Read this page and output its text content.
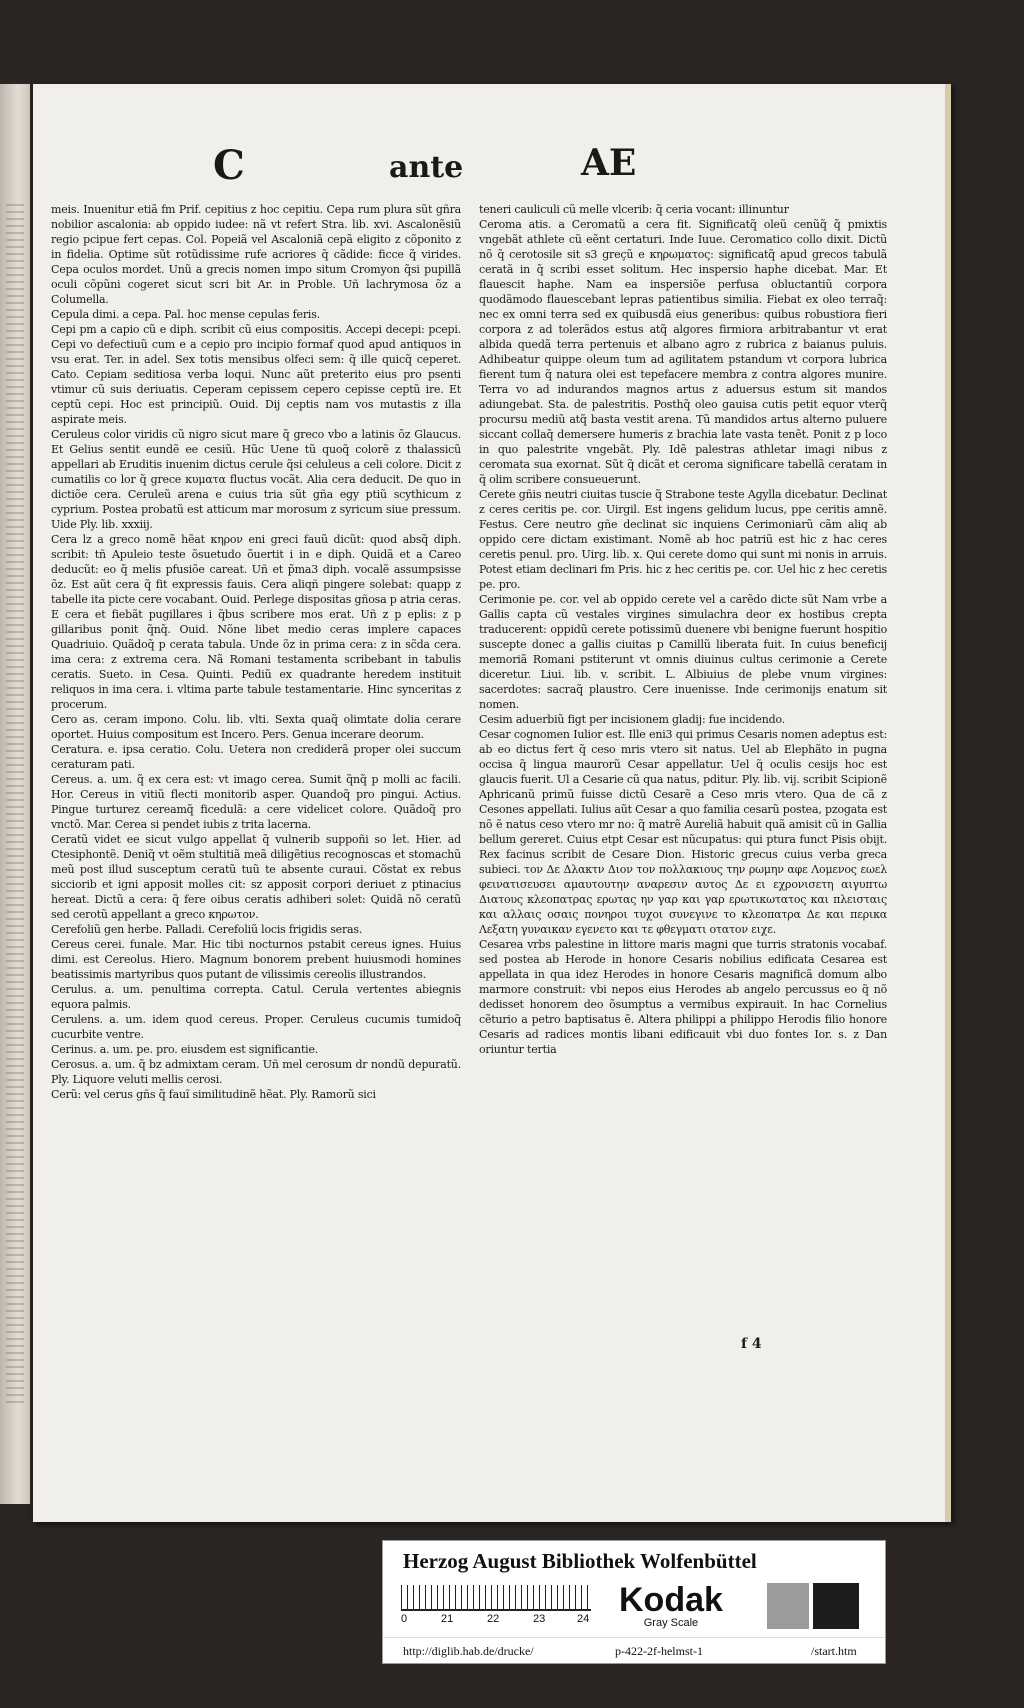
C	ante	AE

meis. Inuenitur etiã fm Prif. cepitius z hoc cepitiu. Cepa rum plura sũt gñra nobilior ascalonia: ab oppido iudee: nã vt refert Stra. lib. xvi. Ascalonẽsiũ regio pcipue fert cepas. Col. Popeiã vel Ascaloniã cepã eligito z cõponito z in fidelia. Optime sũt rotũdissime rufe acriores q̃ cãdide: ficce q̃ virides. Cepa oculos mordet. Unũ a grecis nomen impo situm Cromyon q̃si pupillã oculi cõpũni cogeret sicut scri bit Ar. in Proble. Uñ lachrymosa õz a Columella.

Cepula dimi. a cepa. Pal. hoc mense cepulas feris.

Cepi pm a capio cũ e diph. scribit cũ eius compositis. Accepi decepi: pcepi. Cepi vo defectiuũ cum e a cepio pro incipio formaf quod apud antiquos in vsu erat. Ter. in adel. Sex totis mensibus olfeci sem: q̃ ille quicq̃ ceperet. Cato. Cepiam seditiosa verba loqui. Nunc aũt preterito eius pro psenti vtimur cũ suis deriuatis. Ceperam cepissem cepero cepisse ceptũ ire. Et ceptũ cepi. Hoc est principiũ. Ouid. Dij ceptis nam vos mutastis z illa aspirate meis.

Ceruleus color viridis cũ nigro sicut mare q̃ greco vbo a latinis õz Glaucus. Et Gelius sentit eundẽ ee cesiũ. Hũc Uene tũ quoq̃ colorẽ z thalassicũ appellari ab Eruditis inuenim dictus cerule q̃si celuleus a celi colore. Dicit z cumatilis co lor q̃ grece κυματα fluctus vocãt. Alia cera deducit. De quo in dictiõe cera. Ceruleũ arena e cuius tria sũt gña egy ptiũ scythicum z cyprium. Postea probatũ est atticum mar morosum z syricum siue pressum. Uide Ply. lib. xxxiij.

Cera lz a greco nomẽ hẽat κηρον eni greci fauũ dicũt: quod absq̃ diph. scribit: tñ Apuleio teste õsuetudo õuertit i in e diph. Quidã et a Careo deducũt: eo q̃ melis pfusiõe careat. Uñ et p̃ma3 diph. vocalẽ assumpsisse õz. Est aũt cera q̃ fit expressis fauis. Cera aliqñ pingere solebat: quapp z tabelle ita picte cere vocabant. Ouid. Perlege dispositas gñosa p atria ceras. E cera et fiebãt pugillares i q̃bus scribere mos erat. Uñ z p eplis: z p gillaribus ponit q̃nq̃. Ouid. Nõne libet medio ceras implere capaces Quadriuio. Quãdoq̃ p cerata tabula. Unde õz in prima cera: z in sc̃da cera. ima cera: z extrema cera. Nã Romani testamenta scribebant in tabulis ceratis. Sueto. in Cesa. Quinti. Pediũ ex quadrante heredem instituit reliquos in ima cera. i. vltima parte tabule testamentarie. Hinc synceritas z procerum.

Cero as. ceram impono. Colu. lib. vlti. Sexta quaq̃ olimtate dolia cerare oportet. Huius compositum est Incero. Pers. Genua incerare deorum.

Ceratura. e. ipsa ceratio. Colu. Uetera non crediderã proper olei succum ceraturam pati.

Cereus. a. um. q̃ ex cera est: vt imago cerea. Sumit q̃nq̃ p molli ac facili. Hor. Cereus in vitiũ flecti monitorib asper. Quandoq̃ pro pingui. Actius. Pingue turturez cereamq̃ ficedulã: a cere videlicet colore. Quãdoq̃ pro vnctõ. Mar. Cerea si pendet iubis z trita lacerna.

Ceratũ videt ee sicut vulgo appellat q̃ vulnerib suppoñi so let. Hier. ad Ctesiphontẽ. Deniq̃ vt oẽm stultitiã meã diligẽtius recognoscas et stomachũ meũ post illud susceptum ceratũ tuũ te absente curaui. Cõstat ex rebus sicciorib et igni apposit molles cit: sz apposit corpori deriuet z ptinacius hereat. Dictũ a cera: q̃ fere oibus ceratis adhiberi solet: Quidã nõ ceratũ sed cerotũ appellant a greco κηρωτον.

Cerefoliũ gen herbe. Palladi. Cerefoliũ locis frigidis seras.

Cereus cerei. funale. Mar. Hic tibi nocturnos pstabit cereus ignes. Huius dimi. est Cereolus. Hiero. Magnum bonorem prebent huiusmodi homines beatissimis martyribus quos putant de vilissimis cereolis illustrandos.

Cerulus. a. um. penultima correpta. Catul. Cerula vertentes abiegnis equora palmis.

Cerulens. a. um. idem quod cereus. Proper. Ceruleus cucumis tumidoq̃ cucurbite ventre.

Cerinus. a. um. pe. pro. eiusdem est significantie.

Cerosus. a. um. q̃ bz admixtam ceram. Uñ mel cerosum dr nondũ depuratũ. Ply. Liquore veluti mellis cerosi.

Cerũ: vel cerus gñs q̃ fauĩ similitudinẽ hẽat. Ply. Ramorũ sici

teneri cauliculi cũ melle vlcerib: q̃ ceria vocant: illinuntur

Ceroma atis. a Ceromatũ a cera fit. Significatq̃ oleũ cenũq̃ q̃ pmixtis vngebãt athlete cũ eẽnt certaturi. Inde Iuue. Ceromatico collo dixit. Dictũ nõ q̃ cerotosile sit s3 greçũ e κηρωματος: significatq̃ apud grecos tabulã ceratã in q̃ scribi esset solitum. Hec inspersio haphe dicebat. Mar. Et flauescit haphe. Nam ea inspersiõe perfusa obluctantiũ corpora quodãmodo flauescebant lepras patientibus similia. Fiebat ex oleo terraq̃: nec ex omni terra sed ex quibusdã eius generibus: quibus robustiora fieri corpora z ad tolerãdos estus atq̃ algores firmiora arbitrabantur vt erat albida quedã terra pertenuis et albano agro z rubrica z baianus puluis. Adhibeatur quippe oleum tum ad agilitatem pstandum vt corpora lubrica fierent tum q̃ natura olei est tepefacere membra z contra algores munire. Terra vo ad indurandos magnos artus z aduersus estum sit mandos adiungebat. Sta. de palestritis. Posthq̃ oleo gauisa cutis petit equor vterq̃ procursu mediũ atq̃ basta vestit arena. Tũ mandidos artus alterno puluere siccant collaq̃ demersere humeris z brachia late vasta tenẽt. Ponit z p loco in quo palestrite vngebãt. Ply. Idẽ palestras athletar imagi nibus z ceromata sua exornat. Sũt q̃ dicãt et ceroma significare tabellã ceratam in q̃ olim scribere consueuerunt.

Cerete gñis neutri ciuitas tuscie q̃ Strabone teste Agylla dicebatur. Declinat z ceres ceritis pe. cor. Uirgil. Est ingens gelidum lucus, ppe ceritis amnẽ. Festus. Cere neutro gñe declinat sic inquiens Cerimoniarũ cãm aliq ab oppido cere dictam existimant. Nomẽ ab hoc patriũ est hic z hac ceres ceretis penul. pro. Uirg. lib. x. Qui cerete domo qui sunt mi nonis in arruis. Potest etiam declinari fm Pris. hic z hec ceritis pe. cor. Uel hic z hec ceretis pe. pro.

Cerimonie pe. cor. vel ab oppido cerete vel a carẽdo dicte sũt Nam vrbe a Gallis capta cũ vestales virgines simulachra deor ex hostibus crepta traducerent: oppidũ cerete potissimũ duenere vbi benigne fuerunt hospitio suscepte donec a gallis ciuitas p Camillũ liberata fuit. In cuius beneficij memoriã Romani pstiterunt vt omnis diuinus cultus cerimonie a Cerete diceretur. Liui. lib. v. scribit. L. Albiuius de plebe vnum virgines: sacerdotes: sacraq̃ plaustro. Cere inuenisse. Inde cerimonijs enatum sit nomen.

Cesim aduerbiũ figt per incisionem gladij: fue incidendo.

Cesar cognomen Iulior est. Ille eni3 qui primus Cesaris nomen adeptus est: ab eo dictus fert q̃ ceso mris vtero sit natus. Uel ab Elephãto in pugna occisa q̃ lingua maurorũ Cesar appellatur. Uel q̃ oculis cesijs hoc est glaucis fuerit. Ul a Cesarie cũ qua natus, pditur. Ply. lib. vij. scribit Scipionẽ Aphricanũ primũ fuisse dictũ Cesarẽ a Ceso mris vtero. Qua de cã z Cesones appellati. Iulius aũt Cesar a quo familia cesarũ postea, pzogata est nõ ẽ natus ceso vtero mr no: q̃ matrẽ Aureliã habuit quã amisit cũ in Gallia bellum gereret. Cuius etpt Cesar est nũcupatus: qui ptura funct Pisis obijt. Rex facinus scribit de Cesare Dion. Historic grecus cuius verba greca subieci. τον Δε Δλακτν Διον τον πολλακιους την ρωμην αφε Λομενος εωελ φεινατισευσει αμαυτουτην αναρεσιν αυτος Δε ει εχρονισετη αιγυπτω Διατους κλεοπατρας ερωτας ην γαρ και γαρ ερωτικωτατος και πλεισταις και αλλαις οσαις πονηροι τυχοι συνεγινε το κλεοπατρα Δε και περικα Λεξατη γυναικαν εγενετο και τε φθεγματι οτατον ειχε.

Cesarea vrbs palestine in littore maris magni que turris stratonis vocabaf. sed postea ab Herode in honore Cesaris nobilius edificata Cesarea est appellata in qua idez Herodes in honore Cesaris magnificã domum albo marmore construit: vbi nepos eius Herodes ab angelo percussus eo q̃ nõ dedisset honorem deo õsumptus a vermibus expirauit. In hac Cornelius cẽturio a petro baptisatus ẽ. Altera philippi a philippo Herodis filio honore Cesaris ad radices montis libani edificauit vbi duo fontes Ior. s. z Dan oriuntur tertia

f 4
Herzog August Bibliothek Wolfenbüttel
0	21	22	23	24 Kodak
Gray Scale
http://diglib.hab.de/drucke/	p-422-2f-helmst-1	/start.htm
